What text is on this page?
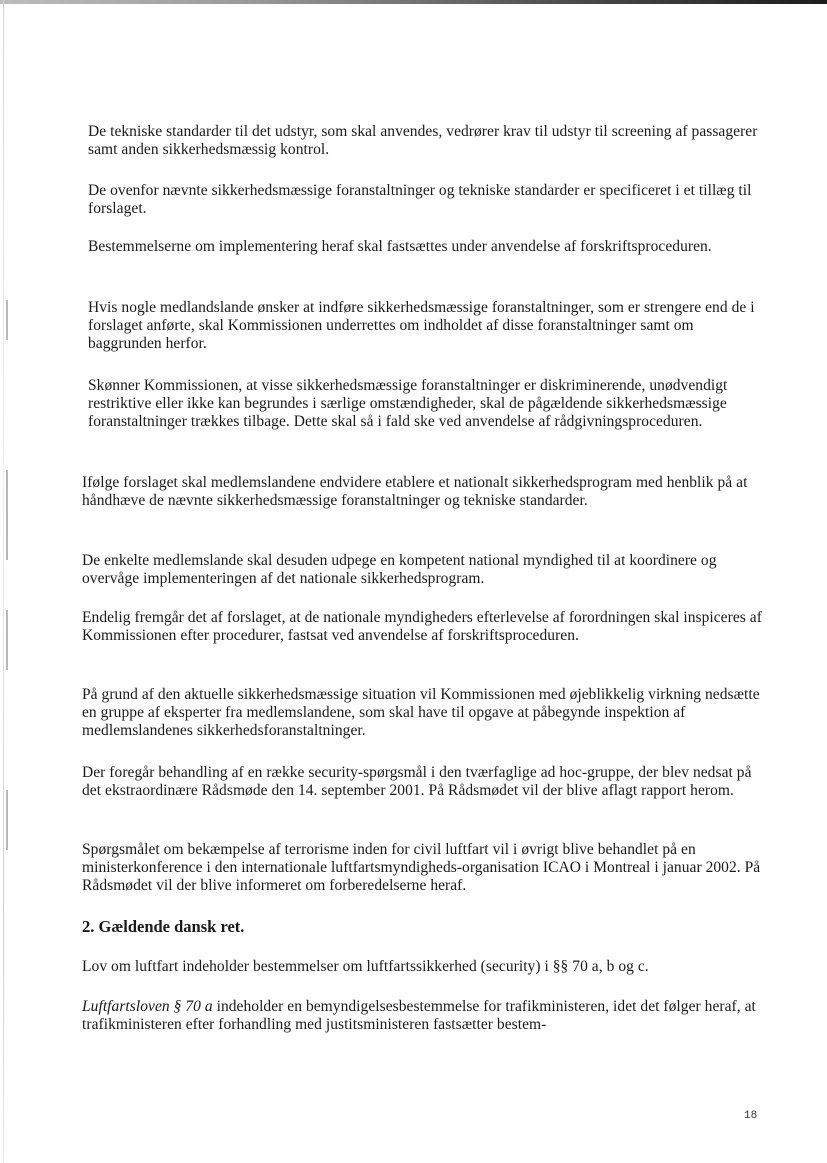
De tekniske standarder til det udstyr, som skal anvendes, vedrører krav til udstyr til screening af passagerer samt anden sikkerhedsmæssig kontrol.

De ovenfor nævnte sikkerhedsmæssige foranstaltninger og tekniske standarder er specificeret i et tillæg til forslaget.

Bestemmelserne om implementering heraf skal fastsættes under anvendelse af forskriftsproceduren.

Hvis nogle medlandslande ønsker at indføre sikkerhedsmæssige foranstaltninger, som er strengere end de i forslaget anførte, skal Kommissionen underrettes om indholdet af disse foranstaltninger samt om baggrunden herfor.

Skønner Kommissionen, at visse sikkerhedsmæssige foranstaltninger er diskriminerende, unødvendigt restriktive eller ikke kan begrundes i særlige omstændigheder, skal de pågældende sikkerhedsmæssige foranstaltninger trækkes tilbage. Dette skal så i fald ske ved anvendelse af rådgivningsproceduren.

Ifølge forslaget skal medlemslandene endvidere etablere et nationalt sikkerhedsprogram med henblik på at håndhæve de nævnte sikkerhedsmæssige foranstaltninger og tekniske standarder.

De enkelte medlemslande skal desuden udpege en kompetent national myndighed til at koordinere og overvåge implementeringen af det nationale sikkerhedsprogram.

Endelig fremgår det af forslaget, at de nationale myndigheders efterlevelse af forordningen skal inspiceres af Kommissionen efter procedurer, fastsat ved anvendelse af forskriftsproceduren.

På grund af den aktuelle sikkerhedsmæssige situation vil Kommissionen med øjeblikkelig virkning nedsætte en gruppe af eksperter fra medlemslandene, som skal have til opgave at påbegynde inspektion af medlemslandenes sikkerhedsforanstaltninger.

Der foregår behandling af en række security-spørgsmål i den tværfaglige ad hoc-gruppe, der blev nedsat på det ekstraordinære Rådsmøde den 14. september 2001. På Rådsmødet vil der blive aflagt rapport herom.

Spørgsmålet om bekæmpelse af terrorisme inden for civil luftfart vil i øvrigt blive behandlet på en ministerkonference i den internationale luftfartsmyndigheds-organisation ICAO i Montreal i januar 2002. På Rådsmødet vil der blive informeret om forberedelserne heraf.

2. Gældende dansk ret.

Lov om luftfart indeholder bestemmelser om luftfartssikkerhed (security) i §§ 70 a, b og c.

Luftfartsloven § 70 a indeholder en bemyndigelsesbestemmelse for trafikministeren, idet det følger heraf, at trafikministeren efter forhandling med justitsministeren fastsætter bestem-

18
